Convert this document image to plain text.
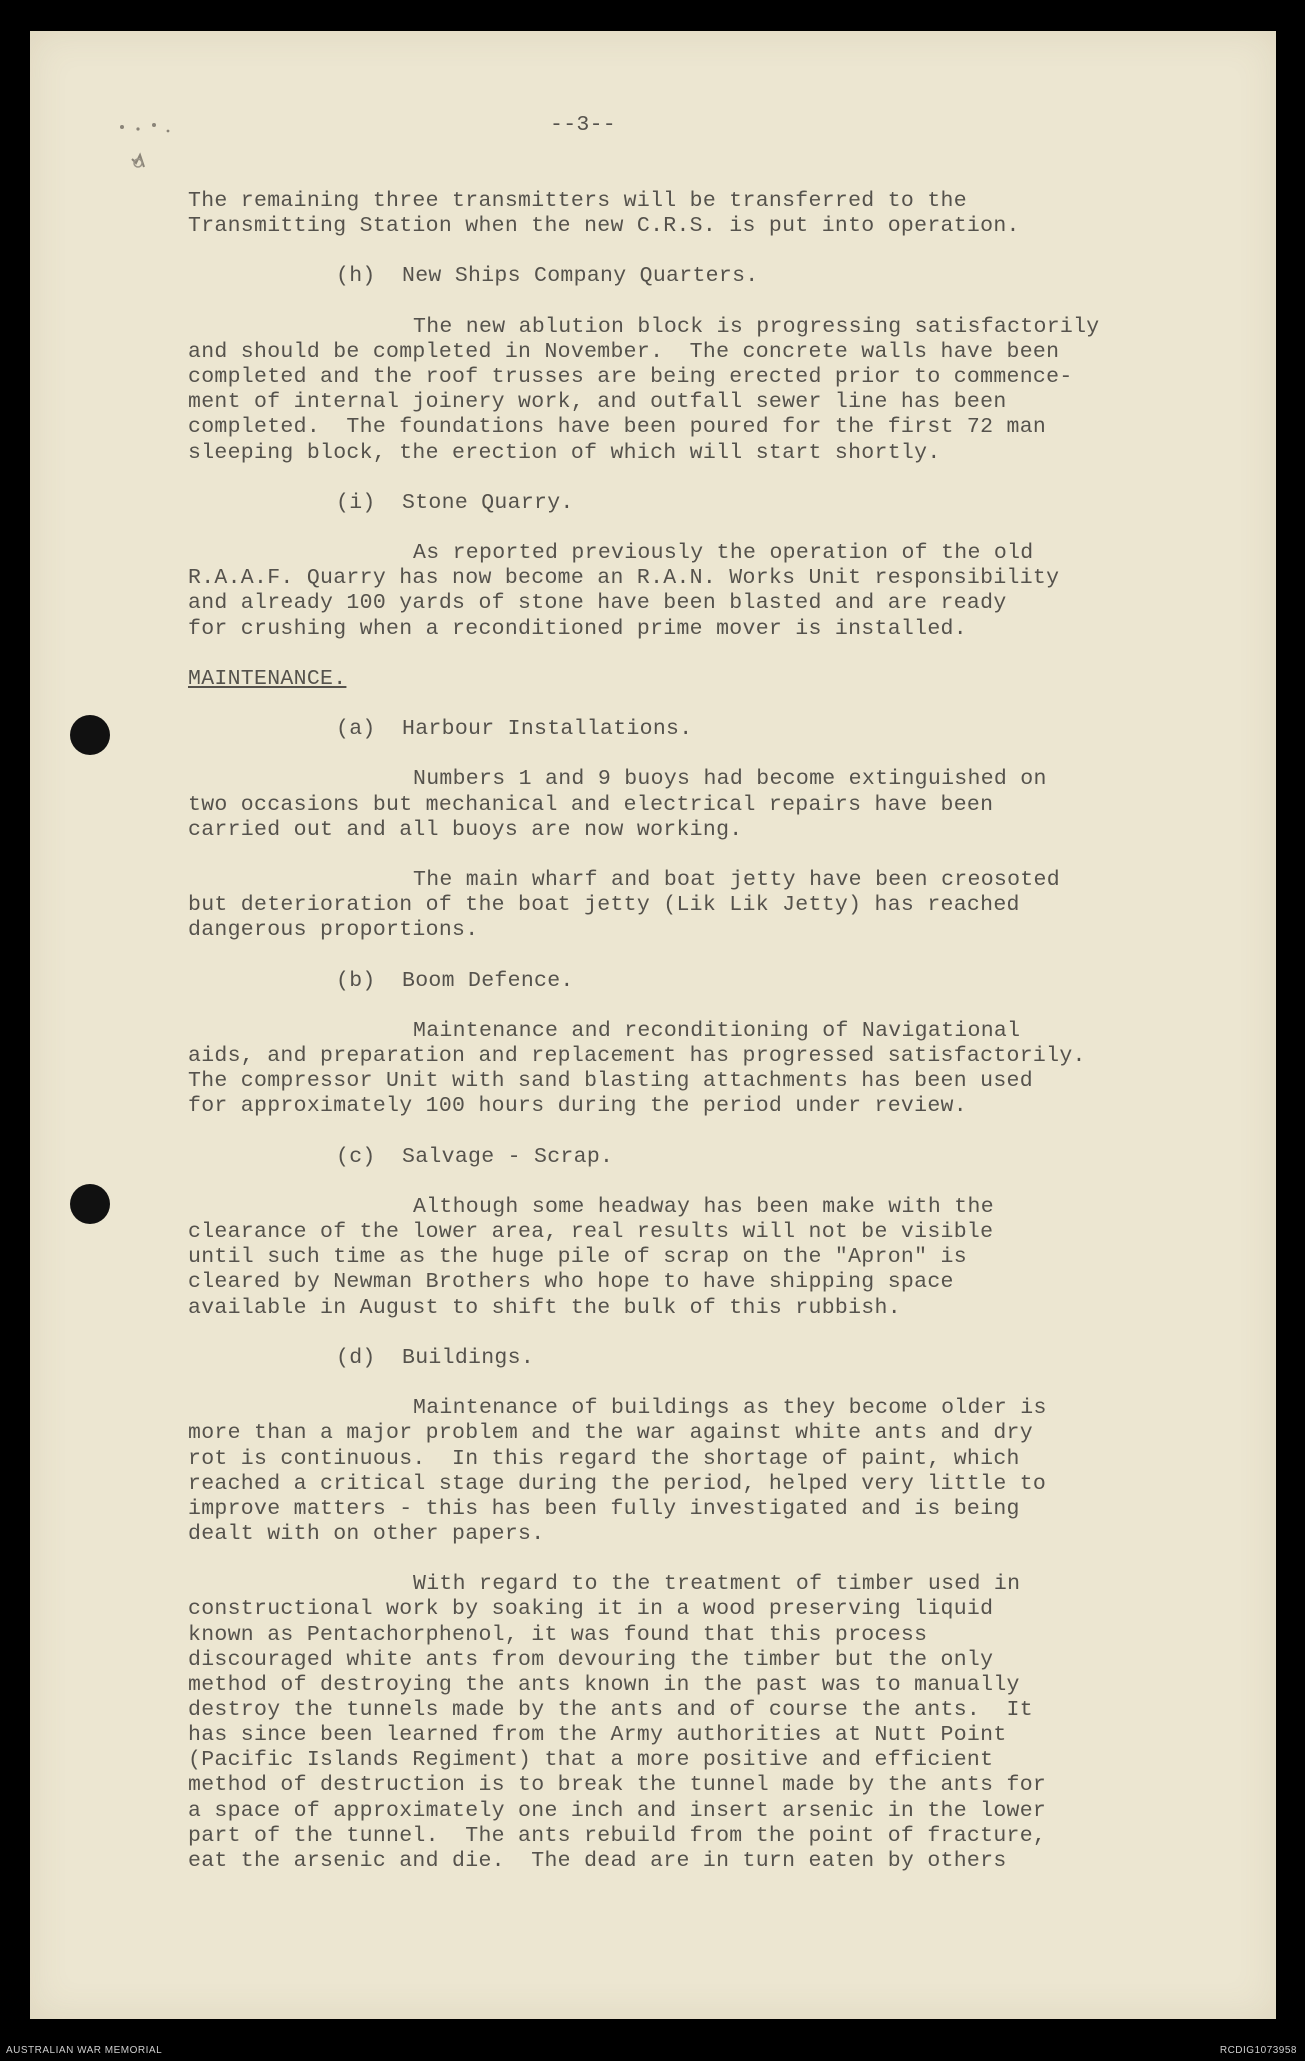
--3--
The remaining three transmitters will be transferred to the
Transmitting Station when the new C.R.S. is put into operation.
(h)  New Ships Company Quarters.
The new ablution block is progressing satisfactorily
and should be completed in November.  The concrete walls have been
completed and the roof trusses are being erected prior to commence-
ment of internal joinery work, and outfall sewer line has been
completed.  The foundations have been poured for the first 72 man
sleeping block, the erection of which will start shortly.
(i)  Stone Quarry.
As reported previously the operation of the old
R.A.A.F. Quarry has now become an R.A.N. Works Unit responsibility
and already 100 yards of stone have been blasted and are ready
for crushing when a reconditioned prime mover is installed.
MAINTENANCE.
(a)  Harbour Installations.
Numbers 1 and 9 buoys had become extinguished on
two occasions but mechanical and electrical repairs have been
carried out and all buoys are now working.
The main wharf and boat jetty have been creosoted
but deterioration of the boat jetty (Lik Lik Jetty) has reached
dangerous proportions.
(b)  Boom Defence.
Maintenance and reconditioning of Navigational
aids, and preparation and replacement has progressed satisfactorily.
The compressor Unit with sand blasting attachments has been used
for approximately 100 hours during the period under review.
(c)  Salvage - Scrap.
Although some headway has been make with the
clearance of the lower area, real results will not be visible
until such time as the huge pile of scrap on the "Apron" is
cleared by Newman Brothers who hope to have shipping space
available in August to shift the bulk of this rubbish.
(d)  Buildings.
Maintenance of buildings as they become older is
more than a major problem and the war against white ants and dry
rot is continuous.  In this regard the shortage of paint, which
reached a critical stage during the period, helped very little to
improve matters - this has been fully investigated and is being
dealt with on other papers.
With regard to the treatment of timber used in
constructional work by soaking it in a wood preserving liquid
known as Pentachorphenol, it was found that this process
discouraged white ants from devouring the timber but the only
method of destroying the ants known in the past was to manually
destroy the tunnels made by the ants and of course the ants.  It
has since been learned from the Army authorities at Nutt Point
(Pacific Islands Regiment) that a more positive and efficient
method of destruction is to break the tunnel made by the ants for
a space of approximately one inch and insert arsenic in the lower
part of the tunnel.  The ants rebuild from the point of fracture,
eat the arsenic and die.  The dead are in turn eaten by others
AUSTRALIAN WAR MEMORIAL	RCDIG1073958
